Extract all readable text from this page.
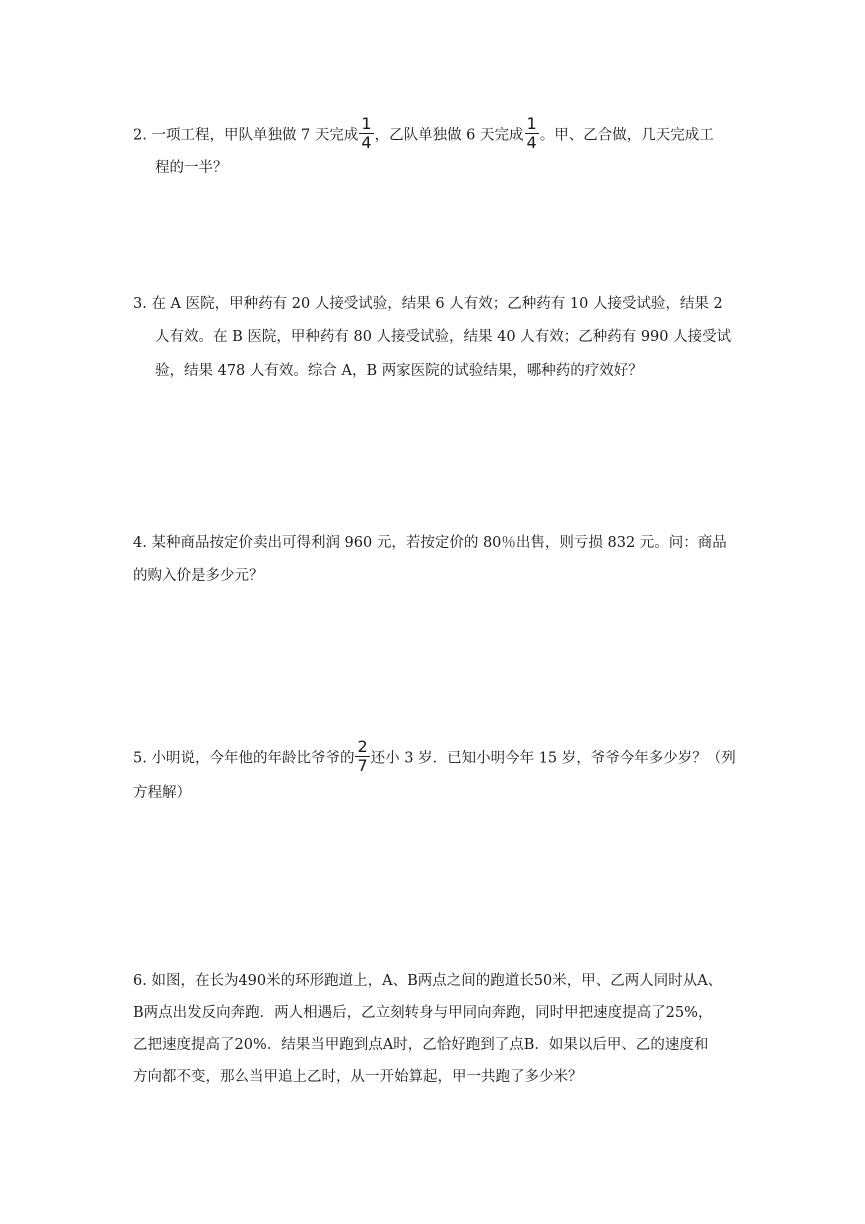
2. 一项工程，甲队单独做 7 天完成 $\frac{1}{4}$ ，乙队单独做 6 天完成 $\frac{1}{4}$ 。甲、乙合做，几天完成工
程的一半？
3. 在 A 医院，甲种药有 20 人接受试验，结果 6 人有效；乙种药有 10 人接受试验，结果 2
人有效。在 B 医院，甲种药有 80 人接受试验，结果 40 人有效；乙种药有 990 人接受试
验，结果 478 人有效。综合 A，B 两家医院的试验结果，哪种药的疗效好？
4. 某种商品按定价卖出可得利润 960 元，若按定价的 80％出售，则亏损 832 元。问：商品
的购入价是多少元？
5. 小明说，今年他的年龄比爷爷的 $\frac{2}{7}$ 还小 3 岁．已知小明今年 15 岁，爷爷今年多少岁？（列
方程解）
6. 如图，在长为490米的环形跑道上，A、B两点之间的跑道长50米，甲、乙两人同时从A、
B两点出发反向奔跑．两人相遇后，乙立刻转身与甲同向奔跑，同时甲把速度提高了25%，
乙把速度提高了20%．结果当甲跑到点A时，乙恰好跑到了点B．如果以后甲、乙的速度和
方向都不变，那么当甲追上乙时，从一开始算起，甲一共跑了多少米？
